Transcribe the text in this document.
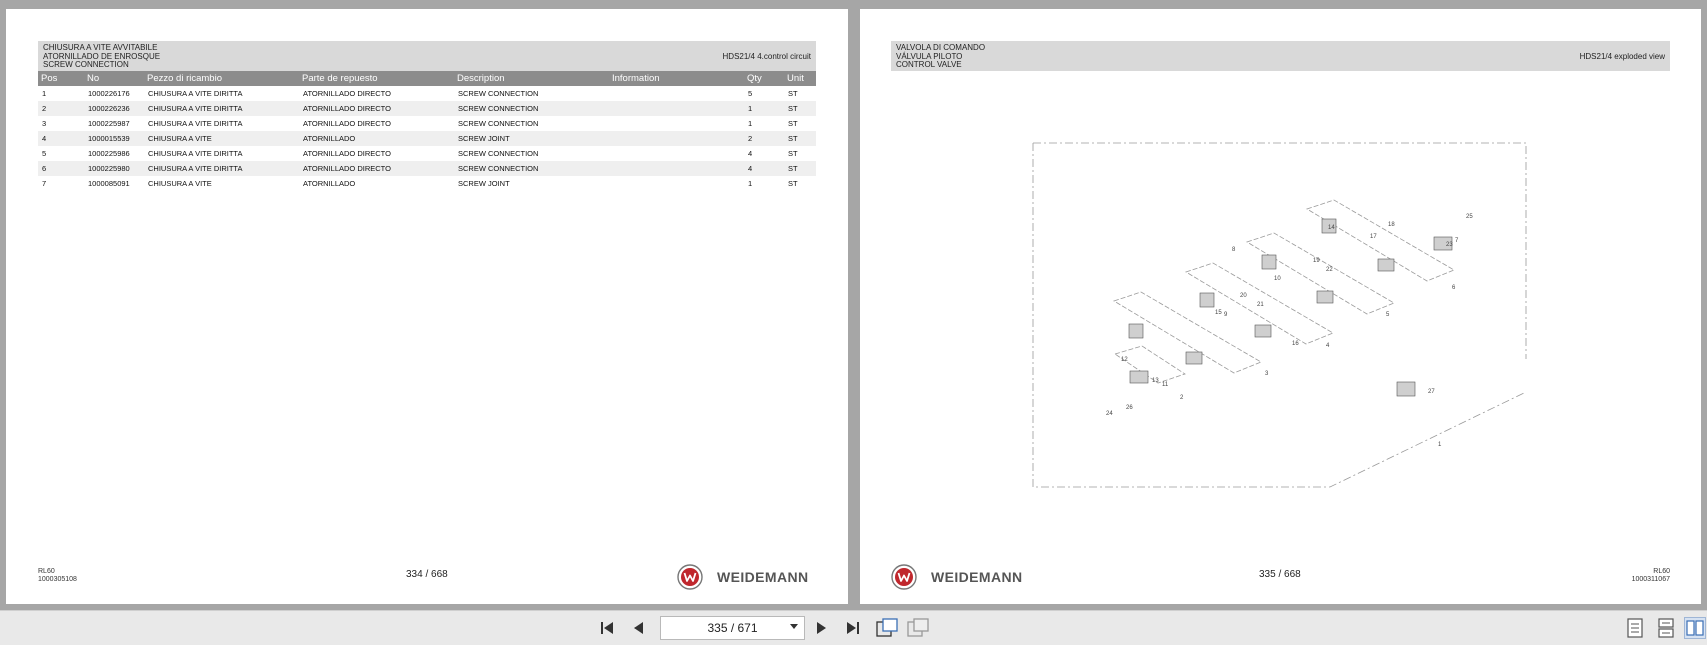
CHIUSURA A VITE AVVITABILE
ATORNILLADO DE ENROSQUE
SCREW CONNECTION
HDS21/4 4.control circuit
Pos	No	Pezzo di ricambio	Parte de repuesto	Description	Information	Qty	Unit
1	1000226176	CHIUSURA A VITE DIRITTA	ATORNILLADO DIRECTO	SCREW CONNECTION		5	ST
2	1000226236	CHIUSURA A VITE DIRITTA	ATORNILLADO DIRECTO	SCREW CONNECTION		1	ST
3	1000225987	CHIUSURA A VITE DIRITTA	ATORNILLADO DIRECTO	SCREW CONNECTION		1	ST
4	1000015539	CHIUSURA A VITE	ATORNILLADO	SCREW JOINT		2	ST
5	1000225986	CHIUSURA A VITE DIRITTA	ATORNILLADO DIRECTO	SCREW CONNECTION		4	ST
6	1000225980	CHIUSURA A VITE DIRITTA	ATORNILLADO DIRECTO	SCREW CONNECTION		4	ST
7	1000085091	CHIUSURA A VITE	ATORNILLADO	SCREW JOINT		1	ST
RL60
1000305108	334 / 668	WEIDEMANN
VALVOLA DI COMANDO
VÁLVULA PILOTO
CONTROL VALVE
HDS21/4 exploded view
1
2
3
4
5
6
7
8
9
10
11
12
13
14
15
16
17
18
19
20
21
22
23
24
25
26
27
WEIDEMANN	335 / 668	RL60
1000311067
335 / 671
